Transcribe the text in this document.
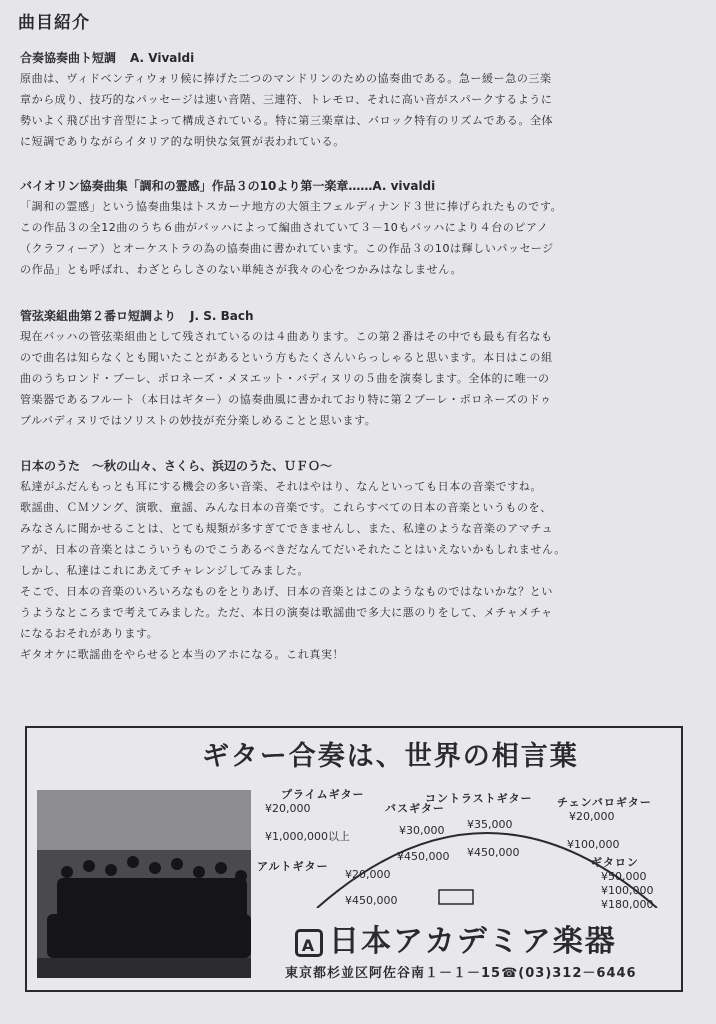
曲目紹介
合奏協奏曲ト短調 A. Vivaldi
原曲は、ヴィドベンティウォリ候に捧げた二つのマンドリンのための協奏曲である。急ー緩ー急の三楽
章から成り、技巧的なパッセージは速い音階、三連符、トレモロ、それに高い音がスパークするように
勢いよく飛び出す音型によって構成されている。特に第三楽章は、バロック特有のリズムである。全体
に短調でありながらイタリア的な明快な気質が表われている。
バイオリン協奏曲集「調和の霊感」作品３の10より第一楽章……A. vivaldi
「調和の霊感」という協奏曲集はトスカーナ地方の大領主フェルディナンド３世に捧げられたものです。
この作品３の全12曲のうち６曲がバッハによって編曲されていて３－10もバッハにより４台のピアノ
（クラフィーア）とオーケストラの為の協奏曲に書かれています。この作品３の10は輝しいパッセージ
の作品」とも呼ばれ、わざとらしさのない単純さが我々の心をつかみはなしません。
管弦楽組曲第２番ロ短調より J. S. Bach
現在バッハの管弦楽組曲として残されているのは４曲あります。この第２番はその中でも最も有名なも
ので曲名は知らなくとも聞いたことがあるという方もたくさんいらっしゃると思います。本日はこの組
曲のうちロンド・ブーレ、ポロネーズ・メヌエット・バディヌリの５曲を演奏します。全体的に唯一の
管楽器であるフルート（本日はギター）の協奏曲風に書かれており特に第２ブーレ・ポロネーズのドゥ
ブルバディヌリではソリストの妙技が充分楽しめることと思います。
日本のうた　～秋の山々、さくら、浜辺のうた、ＵＦＯ～
私達がふだんもっとも耳にする機会の多い音楽、それはやはり、なんといっても日本の音楽ですね。
歌謡曲、ＣＭソング、演歌、童謡、みんな日本の音楽です。これらすべての日本の音楽というものを、
みなさんに聞かせることは、とても規類が多すぎてできませんし、また、私達のような音楽のアマチュ
アが、日本の音楽とはこういうものでこうあるべきだなんてだいそれたことはいえないかもしれません。
しかし、私達はこれにあえてチャレンジしてみました。
そこで、日本の音楽のいろいろなものをとりあげ、日本の音楽とはこのようなものではないかな？とい
うようなところまで考えてみました。ただ、本日の演奏は歌謡曲で多大に悪のりをして、メチャメチャ
になるおそれがあります。
ギタオケに歌謡曲をやらせると本当のアホになる。これ真実！
ギター合奏は、世界の相言葉
プライムギター
¥20,000
¥1,000,000以上
バスギター
¥30,000
¥450,000
コントラストギター
¥35,000
¥450,000
チェンバロギター
¥20,000
¥100,000
アルトギター
¥20,000
¥450,000
ギタロン
¥50,000
¥100,000
¥180,000
A 日本アカデミア楽器
東京都杉並区阿佐谷南１－１－15☎(03)312－6446
